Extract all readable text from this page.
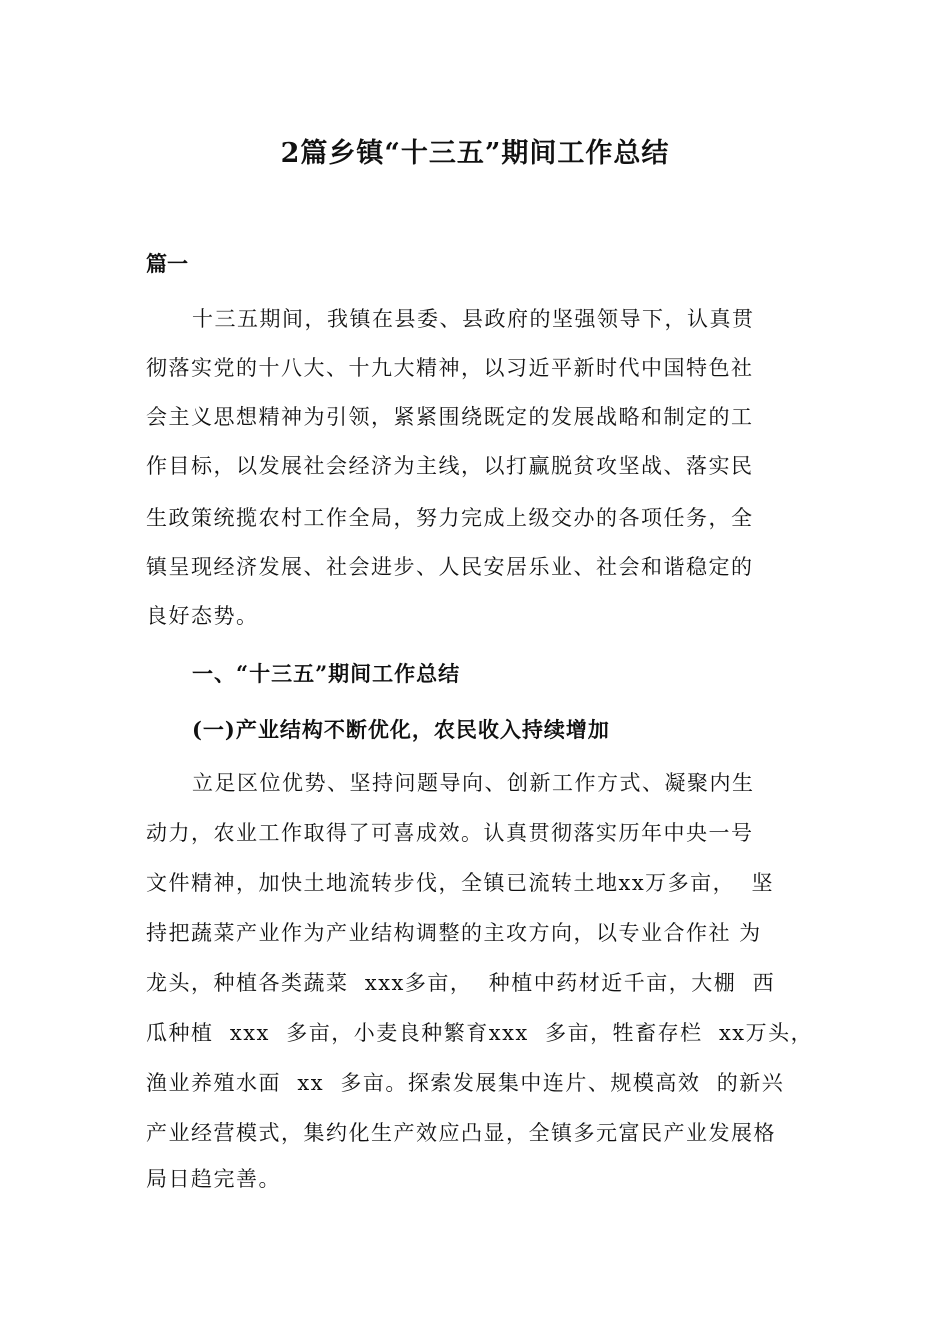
2篇乡镇“十三五”期间工作总结
篇一
十三五期间，我镇在县委、县政府的坚强领导下，认真贯
彻落实党的十八大、十九大精神，以习近平新时代中国特色社
会主义思想精神为引领，紧紧围绕既定的发展战略和制定的工
作目标，以发展社会经济为主线，以打赢脱贫攻坚战、落实民
生政策统揽农村工作全局，努力完成上级交办的各项任务，全
镇呈现经济发展、社会进步、人民安居乐业、社会和谐稳定的
良好态势。
一、“十三五”期间工作总结
(一)产业结构不断优化，农民收入持续增加
立足区位优势、坚持问题导向、创新工作方式、凝聚内生
动力，农业工作取得了可喜成效。认真贯彻落实历年中央一号
文件精神，加快土地流转步伐，全镇已流转土地xx万多亩，  坚
持把蔬菜产业作为产业结构调整的主攻方向，以专业合作社 为
龙头，种植各类蔬菜  xxx多亩，  种植中药材近千亩，大棚  西
瓜种植  xxx  多亩，小麦良种繁育xxx  多亩，牲畜存栏  xx万头，
渔业养殖水面  xx  多亩。探索发展集中连片、规模高效  的新兴
产业经营模式，集约化生产效应凸显，全镇多元富民产业发展格
局日趋完善。
